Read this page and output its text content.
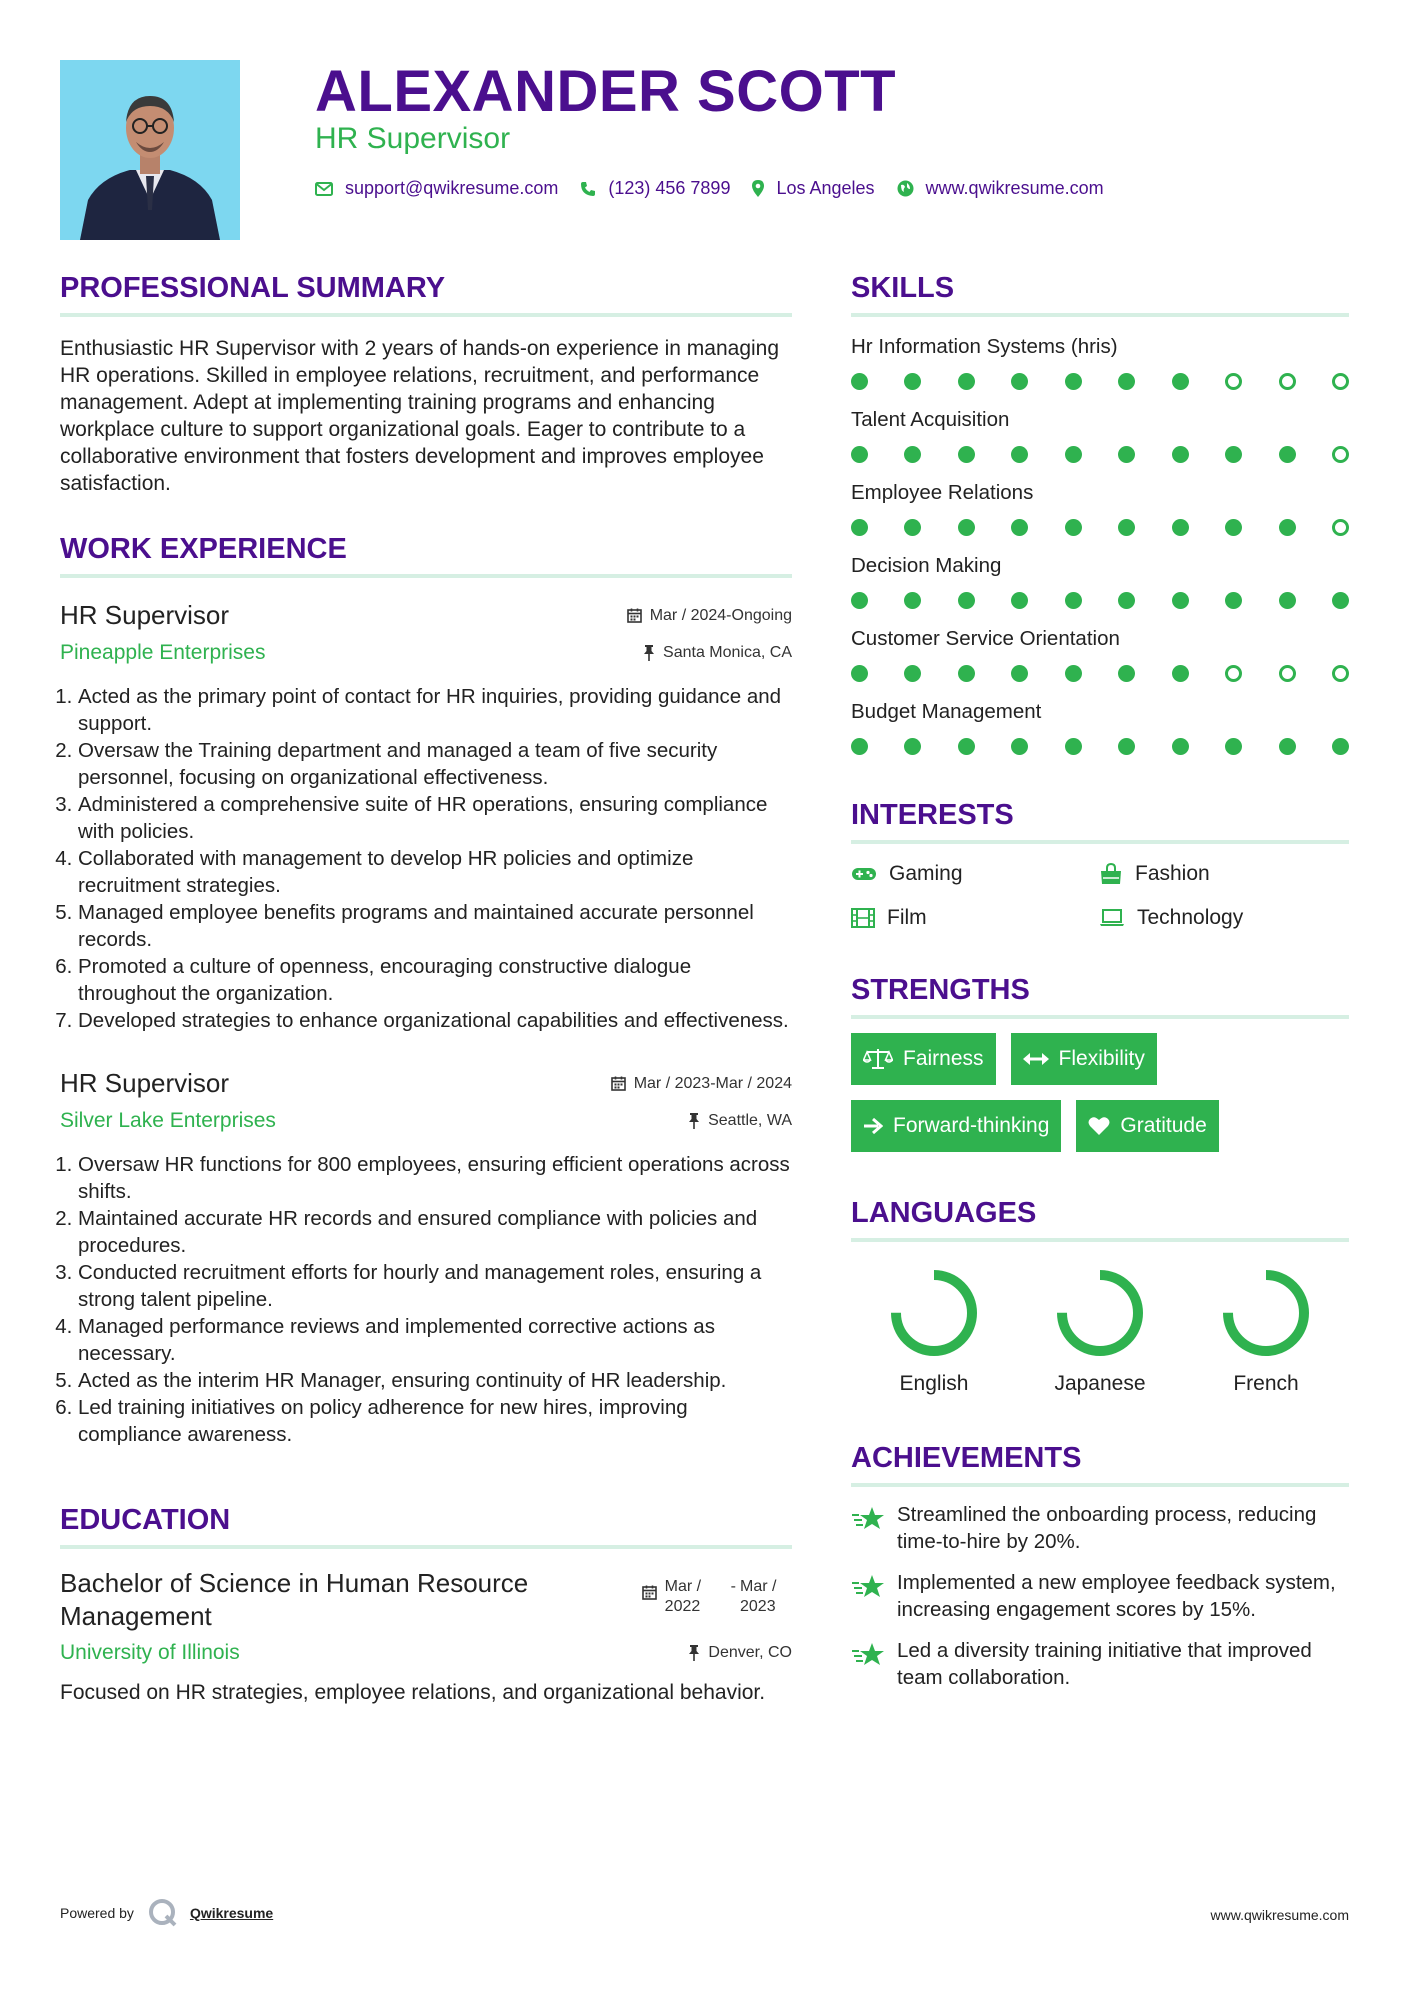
ALEXANDER SCOTT
HR Supervisor
support@qwikresume.com	(123) 456 7899	Los Angeles	www.qwikresume.com
PROFESSIONAL SUMMARY

Enthusiastic HR Supervisor with 2 years of hands-on experience in managing HR operations. Skilled in employee relations, recruitment, and performance management. Adept at implementing training programs and enhancing workplace culture to support organizational goals. Eager to contribute to a collaborative environment that fosters development and improves employee satisfaction.

WORK EXPERIENCE
HR Supervisor	Mar / 2024-Ongoing
Pineapple Enterprises	Santa Monica, CA
1. Acted as the primary point of contact for HR inquiries, providing guidance and support.
2. Oversaw the Training department and managed a team of five security personnel, focusing on organizational effectiveness.
3. Administered a comprehensive suite of HR operations, ensuring compliance with policies.
4. Collaborated with management to develop HR policies and optimize recruitment strategies.
5. Managed employee benefits programs and maintained accurate personnel records.
6. Promoted a culture of openness, encouraging constructive dialogue throughout the organization.
7. Developed strategies to enhance organizational capabilities and effectiveness.
HR Supervisor	Mar / 2023-Mar / 2024
Silver Lake Enterprises	Seattle, WA
1. Oversaw HR functions for 800 employees, ensuring efficient operations across shifts.
2. Maintained accurate HR records and ensured compliance with policies and procedures.
3. Conducted recruitment efforts for hourly and management roles, ensuring a strong talent pipeline.
4. Managed performance reviews and implemented corrective actions as necessary.
5. Acted as the interim HR Manager, ensuring continuity of HR leadership.
6. Led training initiatives on policy adherence for new hires, improving compliance awareness.
EDUCATION
Bachelor of Science in Human Resource Management
Mar / 2022
- Mar / 2023
University of Illinois	Denver, CO

Focused on HR strategies, employee relations, and organizational behavior.

SKILLS
Hr Information Systems (hris)
Talent Acquisition
Employee Relations
Decision Making
Customer Service Orientation
Budget Management
INTERESTS
Gaming	Fashion
Film	Technology
STRENGTHS
Fairness	Flexibility
Forward-thinking	Gratitude
LANGUAGES
English	Japanese	French
ACHIEVEMENTS
Streamlined the onboarding process, reducing time-to-hire by 20%.
Implemented a new employee feedback system, increasing engagement scores by 15%.
Led a diversity training initiative that improved team collaboration.
Powered by	Qwikresume	www.qwikresume.com
